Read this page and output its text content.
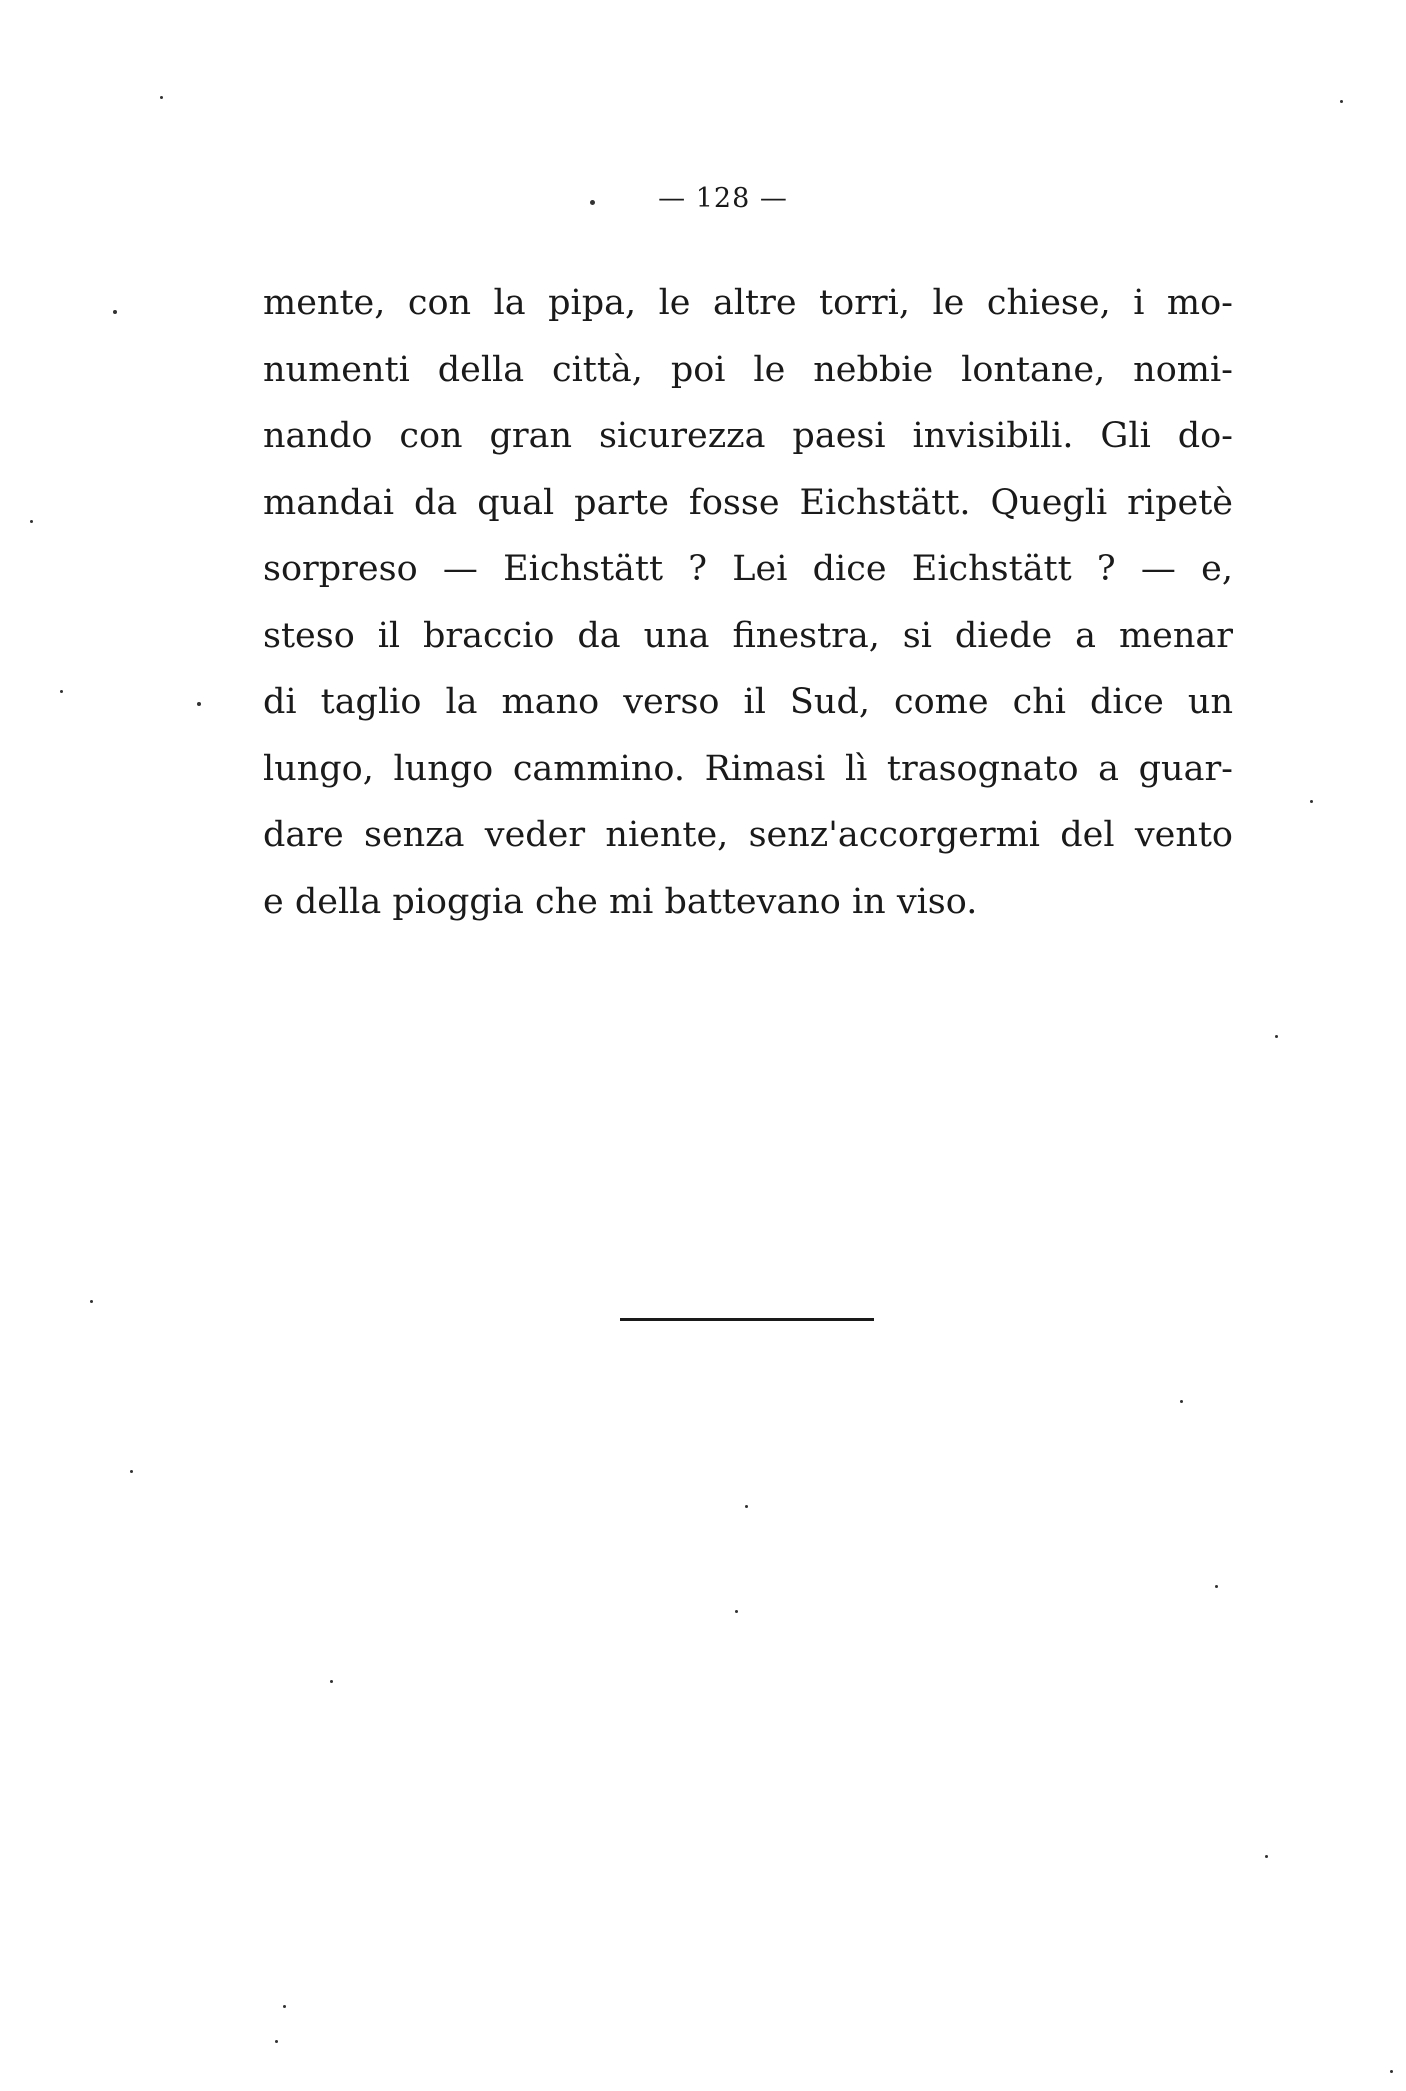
— 128 —
mente, con la pipa, le altre torri, le chiese, i mo-
numenti della città, poi le nebbie lontane, nomi-
nando con gran sicurezza paesi invisibili. Gli do-
mandai da qual parte fosse Eichstätt. Quegli ripetè
sorpreso — Eichstätt ? Lei dice Eichstätt ? — e,
steso il braccio da una finestra, si diede a menar
di taglio la mano verso il Sud, come chi dice un
lungo, lungo cammino. Rimasi lì trasognato a guar-
dare senza veder niente, senz'accorgermi del vento
e della pioggia che mi battevano in viso.
